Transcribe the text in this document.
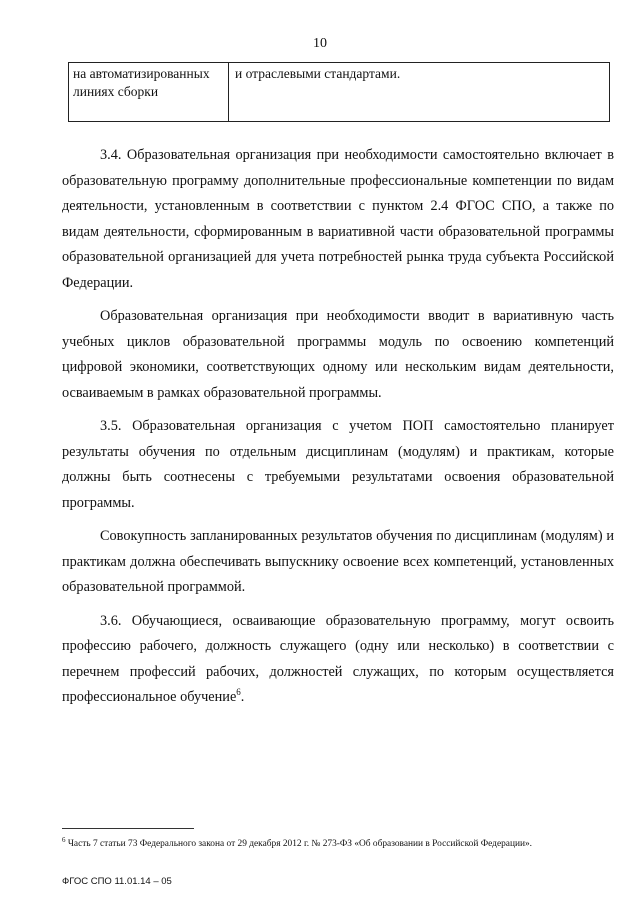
10
на автоматизированных линиях сборки
и отраслевыми стандартами.

3.4. Образовательная организация при необходимости самостоятельно включает в образовательную программу дополнительные профессиональные компетенции по видам деятельности, установленным в соответствии с пунктом 2.4 ФГОС СПО, а также по видам деятельности, сформированным в вариативной части образовательной программы образовательной организацией для учета потребностей рынка труда субъекта Российской Федерации.

Образовательная организация при необходимости вводит в вариативную часть учебных циклов образовательной программы модуль по освоению компетенций цифровой экономики, соответствующих одному или нескольким видам деятельности, осваиваемым в рамках образовательной программы.

3.5. Образовательная организация с учетом ПОП самостоятельно планирует результаты обучения по отдельным дисциплинам (модулям) и практикам, которые должны быть соотнесены с требуемыми результатами освоения образовательной программы.

Совокупность запланированных результатов обучения по дисциплинам (модулям) и практикам должна обеспечивать выпускнику освоение всех компетенций, установленных образовательной программой.

3.6. Обучающиеся, осваивающие образовательную программу, могут освоить профессию рабочего, должность служащего (одну или несколько) в соответствии с перечнем профессий рабочих, должностей служащих, по которым осуществляется профессиональное обучение$^6$.

$^6$ Часть 7 статьи 73 Федерального закона от 29 декабря 2012 г. № 273-ФЗ «Об образовании в Российской Федерации».
ФГОС СПО 11.01.14 – 05
